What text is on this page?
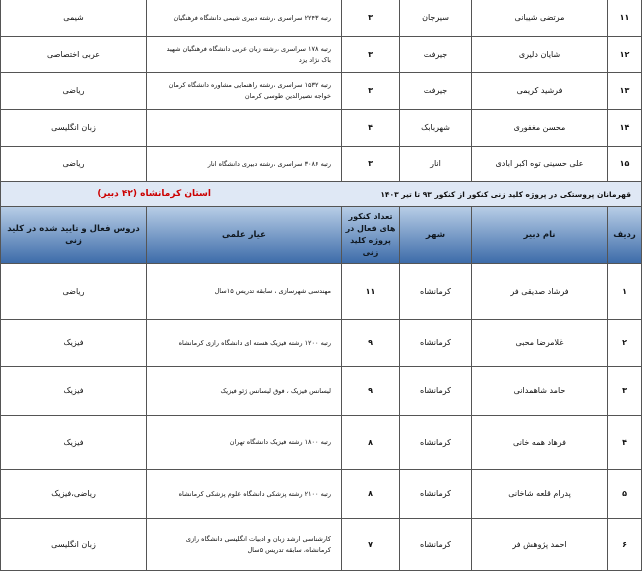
۱۱
مرتضی شیبانی
سیرجان
۳
رتبه ۲۲۴۳ سراسری ،رشته دبیری شیمی دانشگاه فرهنگیان
شیمی
۱۲
شایان دلیری
جیرفت
۳
رتبه ۱۷۸ سراسری ،رشته زبان عربی دانشگاه فرهنگیان شهید باک نژاد یزد
عربی اختصاصی
۱۳
فرشید کریمی
جیرفت
۳
رتبه ۱۵۳۲ سراسری ،رشته راهنمایی مشاوره دانشگاه کرمان خواجه نصیرالدین طوسی کرمان
ریاضی
۱۴
محسن مغفوری
شهربابک
۴
زبان انگلیسی
۱۵
علی حسینی توه اکبر ابادی
انار
۳
رتبه ۳۰۸۶ سراسری ،رشته دبیری دانشگاه انار
ریاضی
قهرمانان پروستکی در پروژه کلید زنی کنکور از کنکور ۹۳ تا تیر ۱۴۰۳
استان کرمانشاه (۴۲ دبیر)
ردیف
نام دبیر
شهر
تعداد کنکور های فعال در پروژه کلید زنی
عیار علمی
دروس فعال و تایید شده در کلید زنی
۱
فرشاد صدیقی فر
کرمانشاه
۱۱
مهندسی شهرسازی ، سابقه تدریس ۱۵سال
ریاضی
۲
غلامرضا محبی
کرمانشاه
۹
رتبه ۱۲۰۰ رشته فیزیک هسته ای دانشگاه رازی کرمانشاه
فیزیک
۳
حامد شاهمدانی
کرمانشاه
۹
لیسانس فیزیک ، فوق لیسانس ژئو فیزیک
فیزیک
۴
فرهاد همه خانی
کرمانشاه
۸
رتبه ۱۸۰۰ رشته فیزیک دانشگاه تهران
فیزیک
۵
پدرام قلعه شاخانی
کرمانشاه
۸
رتبه ۲۱۰۰ رشته پزشکی دانشگاه علوم پزشکی کرمانشاه
ریاضی،فیزیک
۶
احمد پژوهش فر
کرمانشاه
۷
کارشناسی ارشد زبان و ادبیات انگلیسی دانشگاه رازی کرمانشاه، سابقه تدریس ۵سال
زبان انگلیسی
